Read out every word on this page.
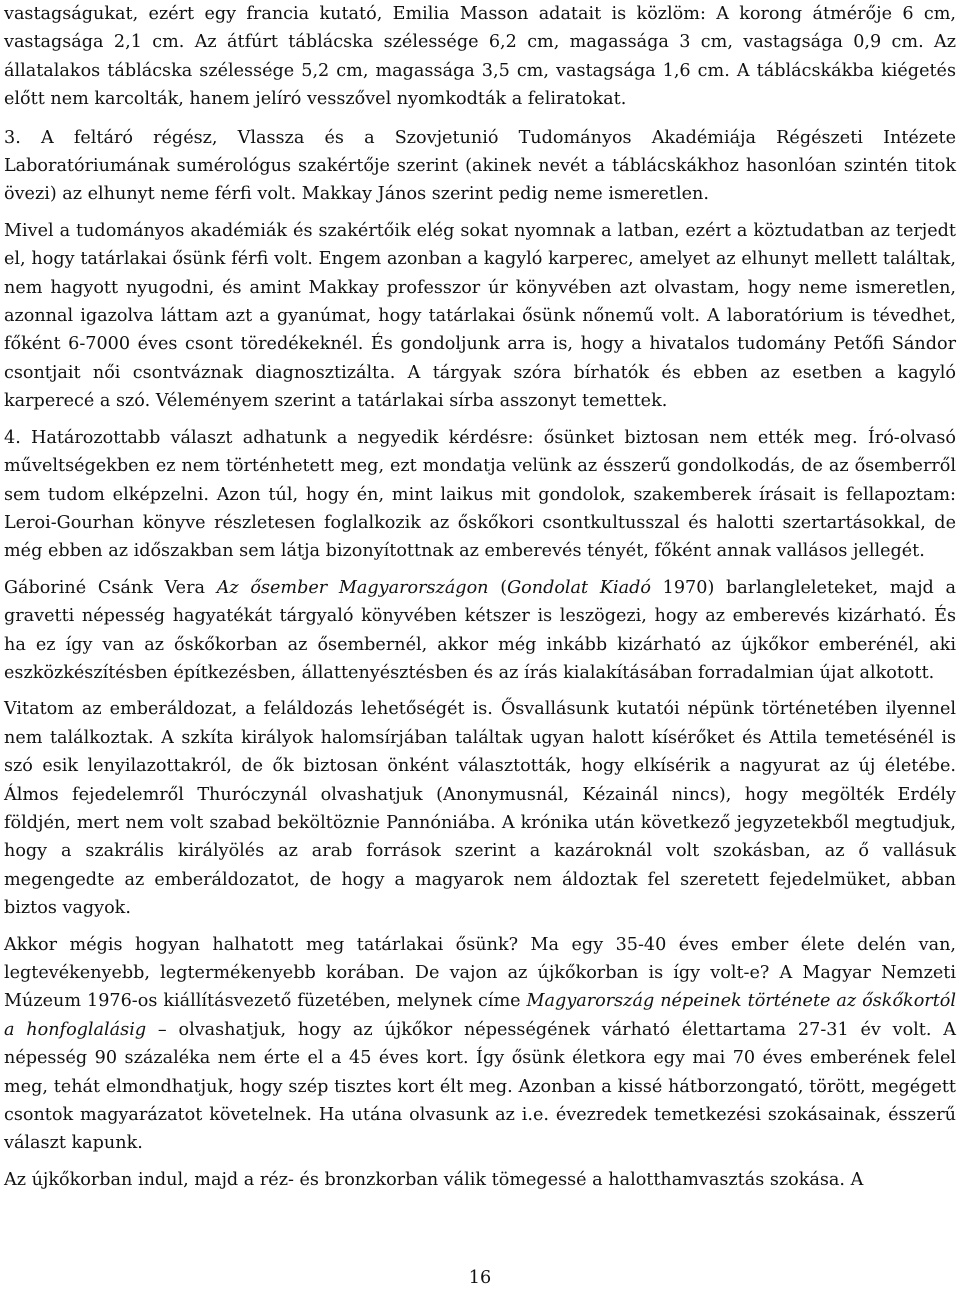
vastagságukat, ezért egy francia kutató, Emilia Masson adatait is közlöm: A korong átmérője 6 cm, vastagsága 2,1 cm. Az átfúrt táblácska szélessége 6,2 cm, magassága 3 cm, vastagsága 0,9 cm. Az állatalakos táblácska szélessége 5,2 cm, magassága 3,5 cm, vastagsága 1,6 cm. A táblácskákba kiégetés előtt nem karcolták, hanem jelíró vesszővel nyomkodták a feliratokat.

3. A feltáró régész, Vlassza és a Szovjetunió Tudományos Akadémiája Régészeti Intézete Laboratóriumának sumérológus szakértője szerint (akinek nevét a táblácskákhoz hasonlóan szintén titok övezi) az elhunyt neme férfi volt. Makkay János szerint pedig neme ismeretlen.

Mivel a tudományos akadémiák és szakértőik elég sokat nyomnak a latban, ezért a köztudatban az terjedt el, hogy tatárlakai ősünk férfi volt. Engem azonban a kagyló karperec, amelyet az elhunyt mellett találtak, nem hagyott nyugodni, és amint Makkay professzor úr könyvében azt olvastam, hogy neme ismeretlen, azonnal igazolva láttam azt a gyanúmat, hogy tatárlakai ősünk nőnemű volt. A laboratórium is tévedhet, főként 6-7000 éves csont töredékeknél. És gondoljunk arra is, hogy a hivatalos tudomány Petőfi Sándor csontjait női csontváznak diagnosztizálta. A tárgyak szóra bírhatók és ebben az esetben a kagyló karpereсé a szó. Véleményem szerint a tatárlakai sírba asszonyt temettek.

4. Határozottabb választ adhatunk a negyedik kérdésre: ősünket biztosan nem ették meg. Író-olvasó műveltségekben ez nem történhetett meg, ezt mondatja velünk az ésszerű gondolkodás, de az ősemberről sem tudom elképzelni. Azon túl, hogy én, mint laikus mit gondolok, szakemberek írásait is fellapoztam: Leroi-Gourhan könyve részletesen foglalkozik az őskőkori csontkultusszal és halotti szertartásokkal, de még ebben az időszakban sem látja bizonyítottnak az emberevés tényét, főként annak vallásos jellegét.

Gáboriné Csánk Vera Az ősember Magyarországon (Gondolat Kiadó 1970) barlangleleteket, majd a gravetti népesség hagyatékát tárgyaló könyvében kétszer is leszögezi, hogy az emberevés kizárható. És ha ez így van az őskőkorban az ősembernél, akkor még inkább kizárható az újkőkor emberénél, aki eszközkészítésben építkezésben, állattenyésztésben és az írás kialakításában forradalmian újat alkotott.

Vitatom az emberáldozat, a feláldozás lehetőségét is. Ősvallásunk kutatói népünk történetében ilyennel nem találkoztak. A szkíta királyok halomsírjában találtak ugyan halott kísérőket és Attila temetésénél is szó esik lenyilazottakról, de ők biztosan önként választották, hogy elkísérik a nagyurat az új életébe. Álmos fejedelemről Thuróczynál olvashatjuk (Anonymusnál, Kézainál nincs), hogy megölték Erdély földjén, mert nem volt szabad beköltöznie Pannóniába. A krónika után következő jegyzetekből megtudjuk, hogy a szakrális királyölés az arab források szerint a kazároknál volt szokásban, az ő vallásuk megengedte az emberáldozatot, de hogy a magyarok nem áldoztak fel szeretett fejedelmüket, abban biztos vagyok.

Akkor mégis hogyan halhatott meg tatárlakai ősünk? Ma egy 35-40 éves ember élete delén van, legtevékenyebb, legtermékenyebb korában. De vajon az újkőkorban is így volt-e? A Magyar Nemzeti Múzeum 1976-os kiállításvezető füzetében, melynek címe Magyarország népeinek története az őskőkortól a honfoglalásig – olvashatjuk, hogy az újkőkor népességének várható élettartama 27-31 év volt. A népesség 90 százaléka nem érte el a 45 éves kort. Így ősünk életkora egy mai 70 éves emberének felel meg, tehát elmondhatjuk, hogy szép tisztes kort élt meg. Azonban a kissé hátborzongató, törött, megégett csontok magyarázatot követelnek. Ha utána olvasunk az i.e. évezredek temetkezési szokásainak, ésszerű választ kapunk.

Az újkőkorban indul, majd a réz- és bronzkorban válik tömegessé a halotthamvasztás szokása. A

16
